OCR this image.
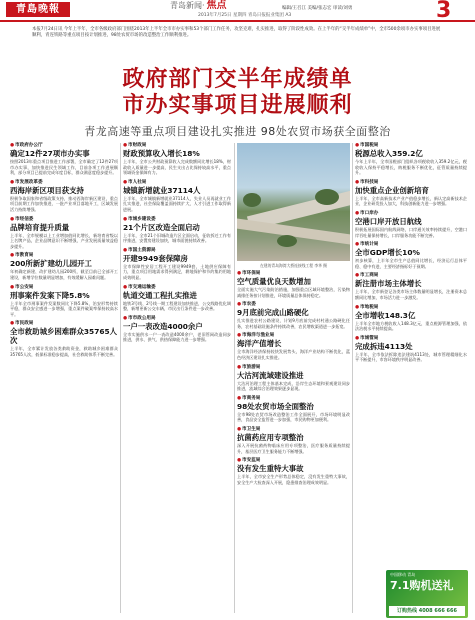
青島晚報	青岛新闻· 焦点
2013年7月25日 星期四 青岛日报报业集团 A3
编辑/王召江 美编/张志宏 审读/刘勇	3
本报7月24日讯 今年上半年，全市各级政府部门围绕2013年上半年全市市办实事和53个部门工作任务，攻坚克难，扎实推进，取得了阶段性成效。在上半年的“交半年成绩单”中，全市500余项市办实事项目进展顺利，青连铁路等重点项目按计划推进，98处农贸市场的改造整治工作顺利推进。
政府部门交半年成绩单
市办实事项目进展顺利
青龙高速等重点项目建设扎实推进 98处农贸市场获全面整治
● 市政府办公厅
确定12件27项市办实事
按照2013年重点项目推进工作部署，全市确定了12件27项市办实事，加快推进民生领域工作，目前各项工作进展顺利，部分项目已提前完成年度目标，群众满意度稳步提升。
● 市发展改革委
西海岸新区项目获支持
积极争取国家和省级政策支持，推动西海岸新区建设，重点项目前期工作加快推进，一批产业项目落地开工，区域发展活力持续增强。
● 市经信委
品牌培育提升质量
上半年，全市规模以上工业增加值同比增长，新培育省级以上名牌产品，企业品牌意识不断增强，产业发展质量效益稳步提升。
● 市教育局
200所新扩建幼儿园开工
年初确定新建、改扩建幼儿园200所，截至目前已全部开工建设，新增学位数量明显增加，有效缓解入园难问题。
● 市公安局
刑事案件发案下降5.8%
上半年全市刑事案件发案数同比下降5.8%，治安形势持续平稳，群众安全感进一步增强，重点案件破案率保持较高水平。
● 市民政局
全市救助城乡困难群众35765人次
上半年，全市累计发放各类救助资金，救助城乡困难群众35765人次，低保标准稳步提高，社会救助体系不断完善。
● 市财政局
财政预算收入增长18%
上半年，全市公共财政预算收入完成数额同比增长18%，财政收入质量进一步提高，民生支出占比保持较高水平，重点领域资金保障有力。
● 市人社局
城镇新增就业37114人
上半年，全市城镇新增就业37114人，失业人员再就业工作扎实推进，社会保险覆盖面持续扩大，人才引进工作取得新进展。
● 市城乡建设委
21个片区改造全面启动
上半年，全市21个旧城改造片区全面启动，征收拆迁工作有序推进，安置房建设加快，城市面貌持续改善。
● 市国土资源局
开建9949套保障房
全市保障性安居工程开工建设9949套，土地供应保障有力，重点项目用地需求得到满足，耕地保护和节约集约用地成效明显。
● 市交通运输委
轨道交通工程扎实推进
地铁3号线、2号线一期工程建设加快推进，公交线路优化调整，新增更新公交车辆，市民出行条件进一步改善。
● 市市政公用局
一户一表改造4000余户
全市实施供水一户一表改造4000余户，老旧管网改造同步推进，供水、供气、供热保障能力进一步增强。
在建的青岛海湾大桥连接线工程 李华 摄
● 市环保局
空气质量优良天数增加
全面实施大气污染防治措施，加强重点区域环境整治，污染物减排任务按计划推进，环境质量总体保持稳定。
● 市农委
9月底前完成山路硬化
扎实推进农村公路建设，计划9月底前完成村村通公路硬化任务，农村基础设施条件持续改善，农民增收渠道进一步拓宽。
● 市海洋与渔业局
海洋产值增长
全市海洋经济保持较快发展势头，海洋产业结构不断优化，蓝色经济区建设扎实推进。
● 市旅游局
大沽河流域建设推进
大沽河治理工程主体基本完成，沿岸生态环境和景观建设同步推进，流域综合治理效果逐步显现。
● 市商务局
98处农贸市场全面整治
全市98处农贸市场改造整治工作全面展开，市场环境明显改善，食品安全监管进一步加强，市民购物更加便利。
● 市卫生局
抗菌药应用专项整治
深入开展抗菌药物临床应用专项整治，医疗服务质量持续提升，基层医疗卫生服务能力不断增强。
● 市安监局
没有发生重特大事故
上半年，全市安全生产形势总体稳定，没有发生重特大事故，安全生产大检查深入开展，隐患排查治理成效明显。
● 市国税局
税源总收入359.2亿
今年上半年，全市国税部门组织各项税收收入359.2亿元，税收收入保持平稳增长，纳税服务不断优化，征管质量持续提升。
● 市科技局
加快重点企业创新培育
上半年，全市高新技术产业产值稳步增长，新认定高新技术企业，企业研发投入加大，科技创新能力进一步增强。
● 市口岸办
空港口岸开放日航线
积极拓展国际国内航线网络，口岸通关效率持续提升，空港口岸吞吐量保持增长，口岸服务功能不断完善。
● 市统计局
全市GDP增长10%
初步核算，上半年全市生产总值同比增长，经济运行总体平稳、稳中有进，主要经济指标好于预期。
● 市工商局
新注册市场主体增长
上半年，全市新登记各类市场主体数量明显增长，注册资本总额同比增加，市场活力进一步激发。
● 市地税局
全市增收148.3亿
上半年全市地方税收收入148.3亿元，重点税源管理加强，依法治税水平持续提高。
● 市城管局
完成拆违4113处
上半年，全市依法拆除违法建筑4113处，城市管理精细化水平不断提升，市容环境秩序明显改善。
中国移动 青岛
7.1购机送礼
订购热线 4008 666 666
